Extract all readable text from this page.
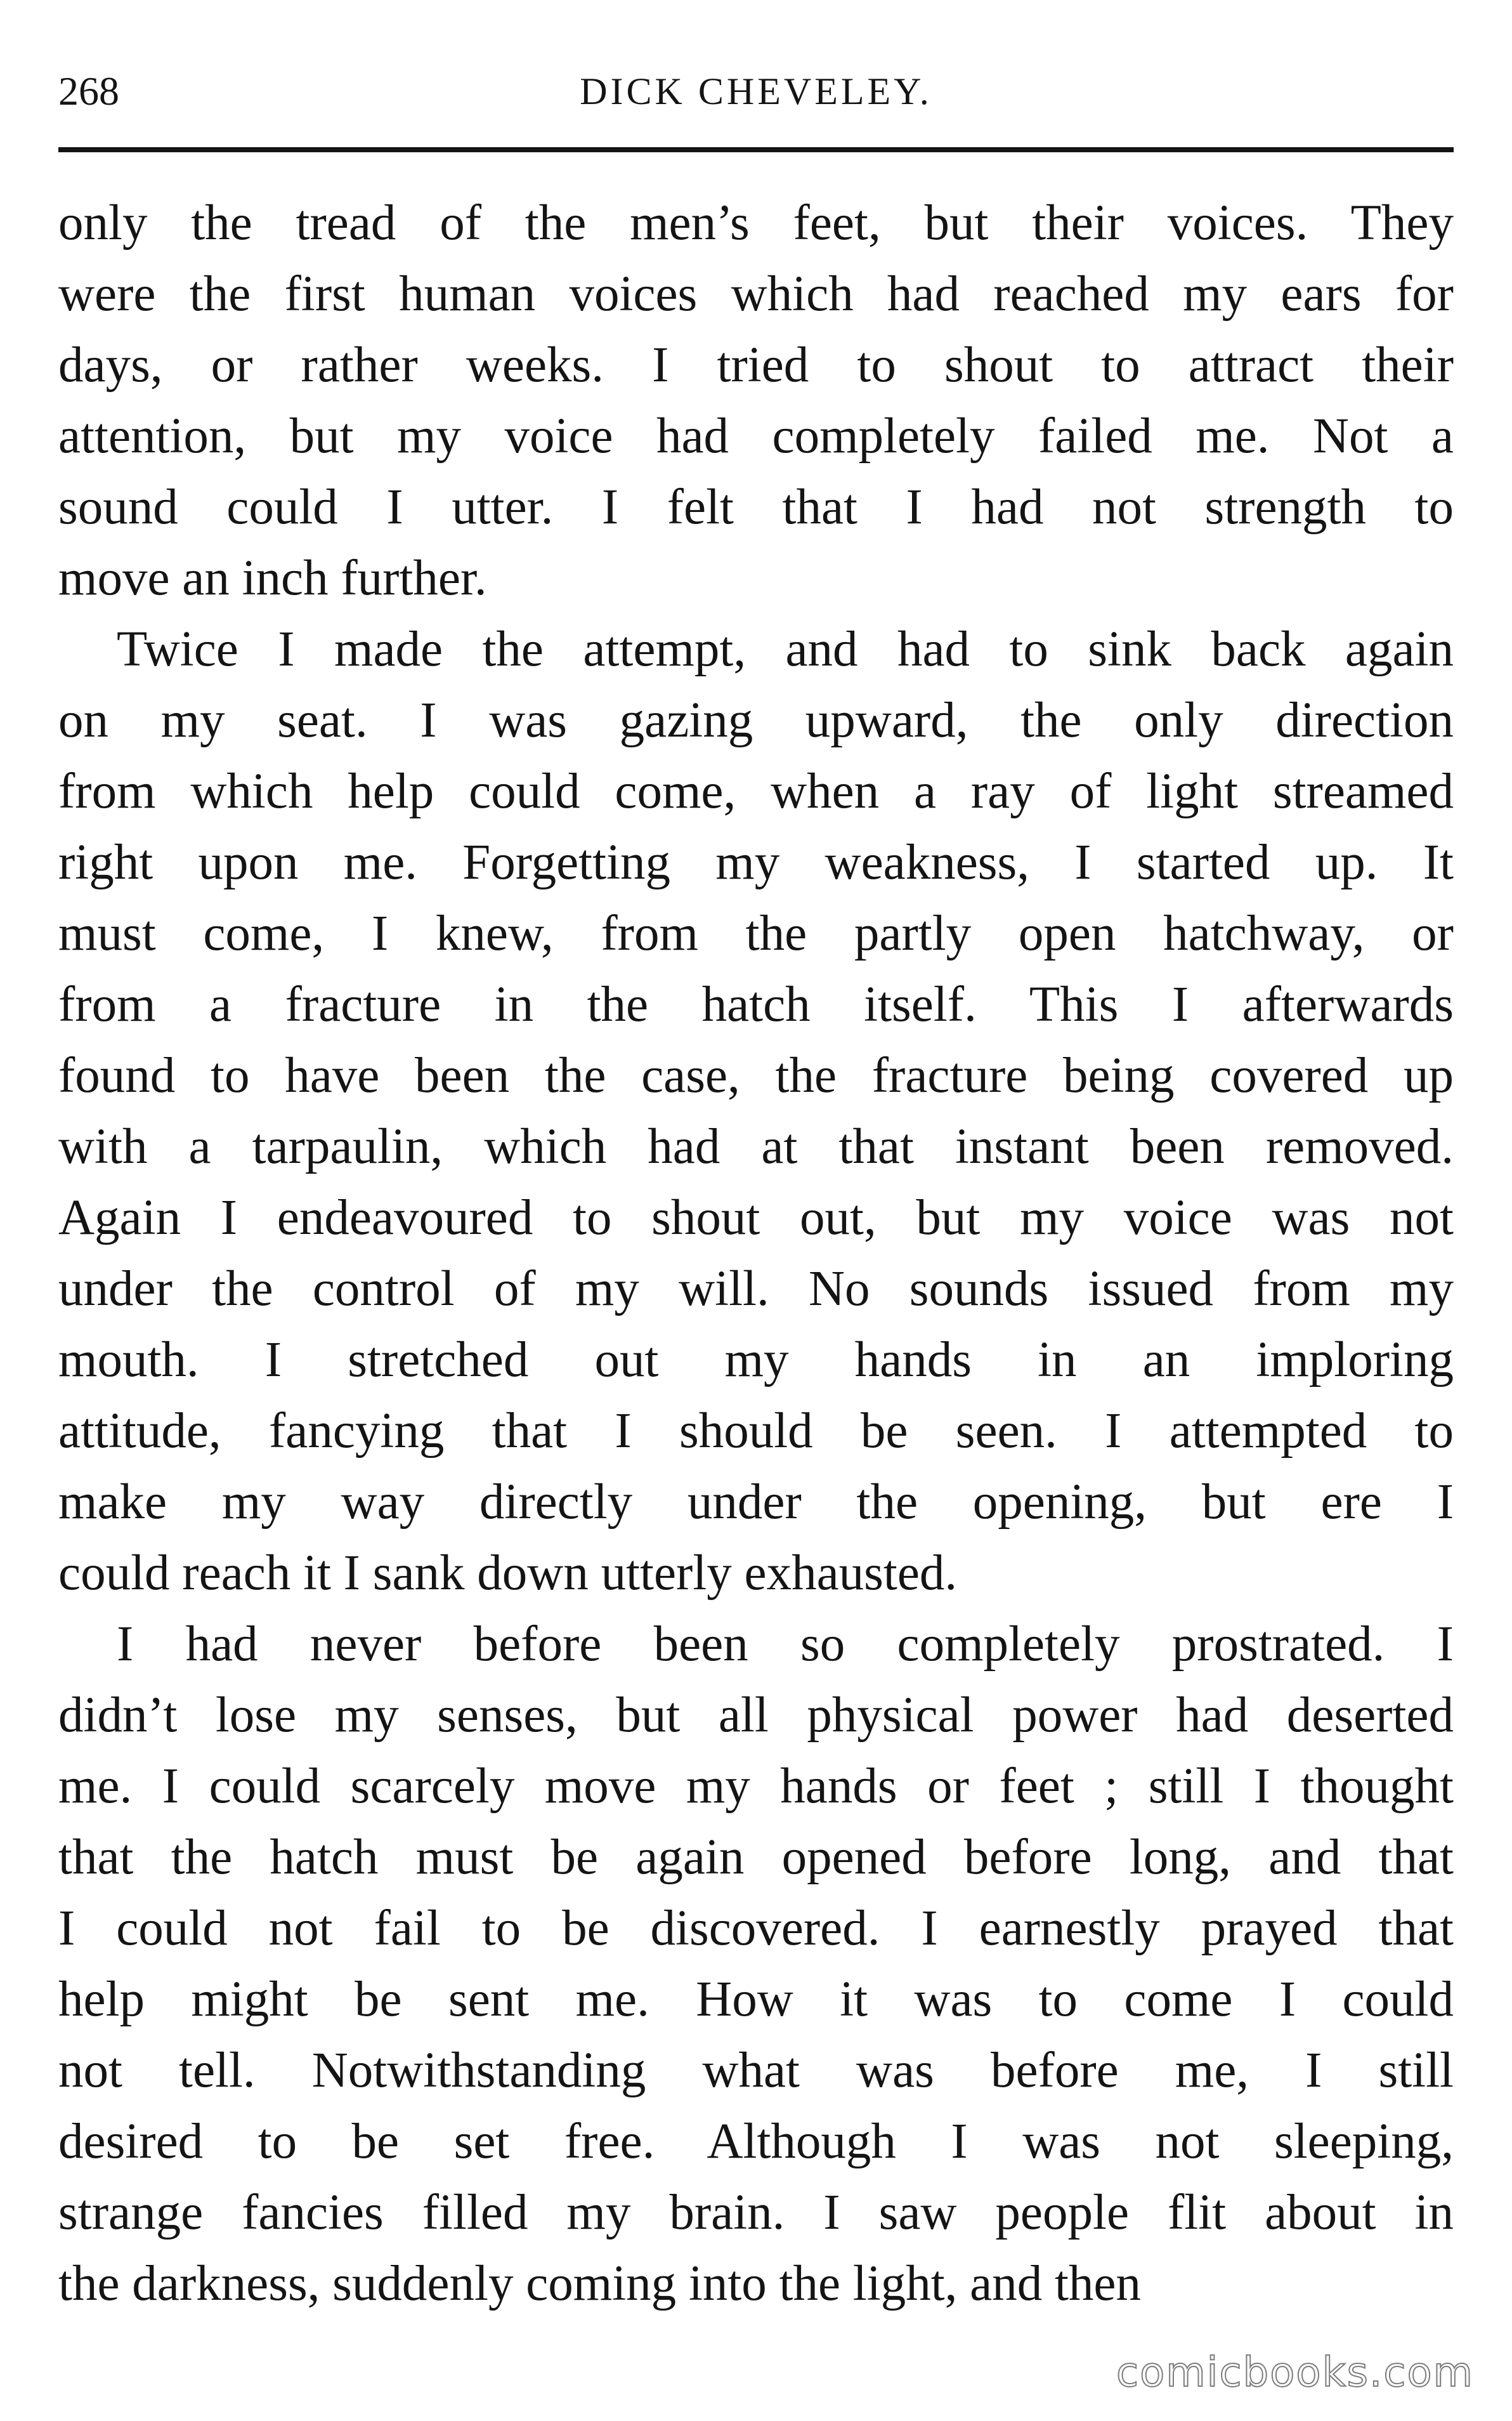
268	DICK CHEVELEY.
only the tread of the men’s feet, but their voices. They
were the first human voices which had reached my ears for
days, or rather weeks. I tried to shout to attract their
attention, but my voice had completely failed me. Not a
sound could I utter. I felt that I had not strength to
move an inch further.
Twice I made the attempt, and had to sink back again
on my seat. I was gazing upward, the only direction
from which help could come, when a ray of light streamed
right upon me. Forgetting my weakness, I started up. It
must come, I knew, from the partly open hatchway, or
from a fracture in the hatch itself. This I afterwards
found to have been the case, the fracture being covered up
with a tarpaulin, which had at that instant been removed.
Again I endeavoured to shout out, but my voice was not
under the control of my will. No sounds issued from my
mouth. I stretched out my hands in an imploring
attitude, fancying that I should be seen. I attempted to
make my way directly under the opening, but ere I
could reach it I sank down utterly exhausted.
I had never before been so completely prostrated. I
didn’t lose my senses, but all physical power had deserted
me. I could scarcely move my hands or feet ; still I thought
that the hatch must be again opened before long, and that
I could not fail to be discovered. I earnestly prayed that
help might be sent me. How it was to come I could
not tell. Notwithstanding what was before me, I still
desired to be set free. Although I was not sleeping,
strange fancies filled my brain. I saw people flit about in
the darkness, suddenly coming into the light, and then
comicbooks.com
